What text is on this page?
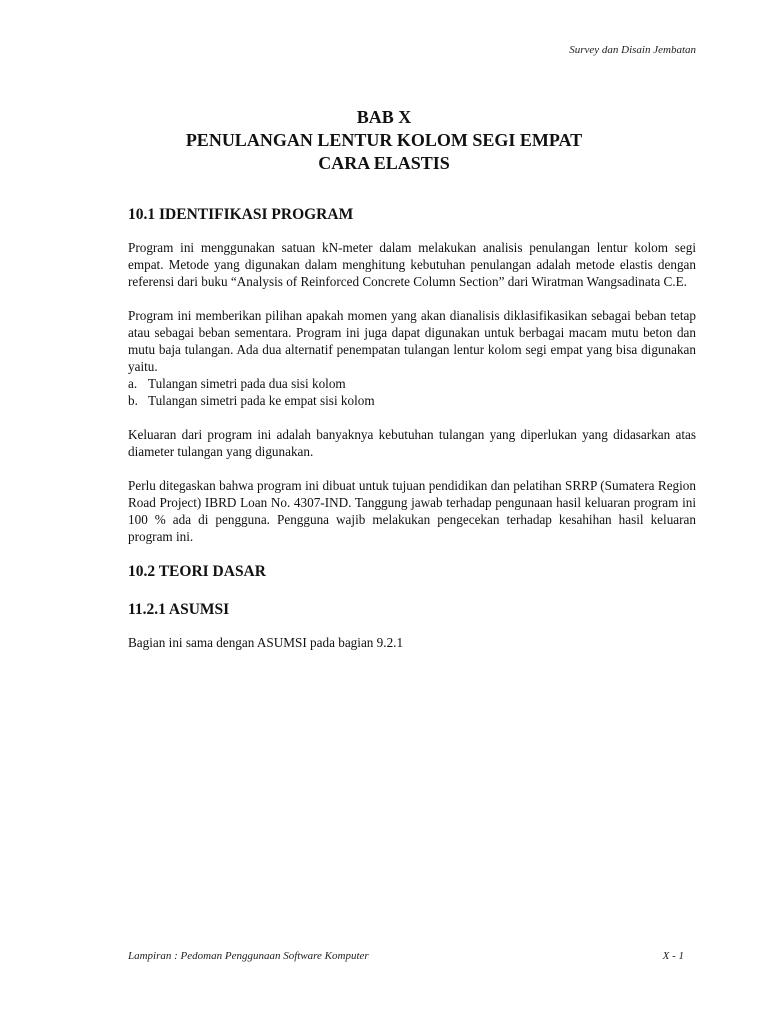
Survey dan Disain Jembatan
BAB X
PENULANGAN LENTUR KOLOM SEGI EMPAT
CARA ELASTIS
10.1 IDENTIFIKASI PROGRAM

Program ini menggunakan satuan kN-meter dalam melakukan analisis penulangan lentur kolom segi empat. Metode yang digunakan dalam menghitung kebutuhan penulangan adalah metode elastis dengan referensi dari buku “Analysis of Reinforced Concrete Column Section” dari Wiratman Wangsadinata C.E.

Program ini memberikan pilihan apakah momen yang akan dianalisis diklasifikasikan sebagai beban tetap atau sebagai beban sementara. Program ini juga dapat digunakan untuk berbagai macam mutu beton dan mutu baja tulangan. Ada dua alternatif penempatan tulangan lentur kolom segi empat yang bisa digunakan yaitu.

a. Tulangan simetri pada dua sisi kolom
b. Tulangan simetri pada ke empat sisi kolom

Keluaran dari program ini adalah banyaknya kebutuhan tulangan yang diperlukan yang didasarkan atas diameter tulangan yang digunakan.

Perlu ditegaskan bahwa program ini dibuat untuk tujuan pendidikan dan pelatihan SRRP (Sumatera Region Road Project) IBRD Loan No. 4307-IND. Tanggung jawab terhadap pengunaan hasil keluaran program ini 100 % ada di pengguna. Pengguna wajib melakukan pengecekan terhadap kesahihan hasil keluaran program ini.

10.2 TEORI DASAR
11.2.1 ASUMSI

Bagian ini sama dengan ASUMSI pada bagian 9.2.1

Lampiran : Pedoman Penggunaan Software Komputer	X - 1
